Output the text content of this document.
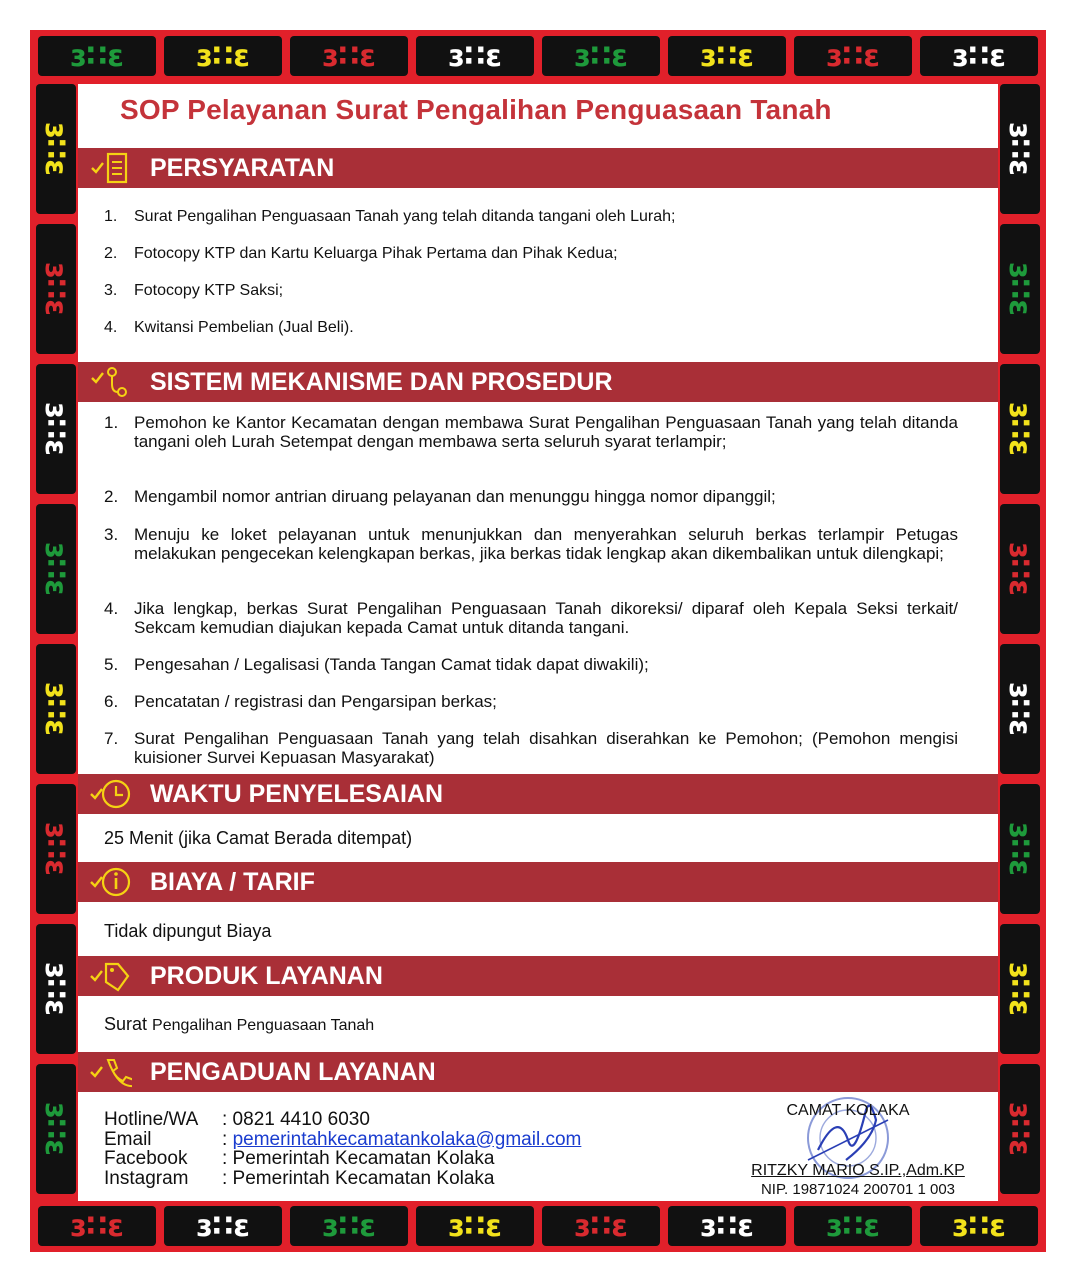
ɜ∷ɛ
ɜ∷ɛ
ɜ∷ɛ
ɜ∷ɛ
ɜ∷ɛ
ɜ∷ɛ
ɜ∷ɛ
ɜ∷ɛ
ɜ∷ɛ
ɜ∷ɛ
ɜ∷ɛ
ɜ∷ɛ
ɜ∷ɛ
ɜ∷ɛ
ɜ∷ɛ
ɜ∷ɛ
ɜ∷ɛ	ɜ∷ɛ
ɜ∷ɛ	ɜ∷ɛ
ɜ∷ɛ	ɜ∷ɛ
ɜ∷ɛ	ɜ∷ɛ
ɜ∷ɛ	ɜ∷ɛ
ɜ∷ɛ	ɜ∷ɛ
ɜ∷ɛ	ɜ∷ɛ
ɜ∷ɛ	ɜ∷ɛ
SOP Pelayanan Surat Pengalihan Penguasaan Tanah
PERSYARATAN
1. Surat Pengalihan Penguasaan Tanah yang telah ditanda tangani oleh Lurah;
2. Fotocopy KTP dan Kartu Keluarga Pihak Pertama dan Pihak Kedua;
3. Fotocopy KTP Saksi;
4. Kwitansi Pembelian (Jual Beli).
SISTEM MEKANISME DAN PROSEDUR
1. Pemohon ke Kantor Kecamatan dengan membawa Surat Pengalihan Penguasaan Tanah yang telah ditanda tangani oleh Lurah Setempat dengan membawa serta seluruh syarat terlampir;
2. Mengambil nomor antrian diruang pelayanan dan menunggu hingga nomor dipanggil;
3. Menuju ke loket pelayanan untuk menunjukkan dan menyerahkan seluruh berkas terlampir Petugas melakukan pengecekan kelengkapan berkas, jika berkas tidak lengkap akan dikembalikan untuk dilengkapi;
4. Jika lengkap, berkas Surat Pengalihan Penguasaan Tanah dikoreksi/ diparaf oleh Kepala Seksi terkait/ Sekcam kemudian diajukan kepada Camat untuk ditanda tangani.
5. Pengesahan / Legalisasi (Tanda Tangan Camat tidak dapat diwakili);
6. Pencatatan / registrasi dan Pengarsipan berkas;
7. Surat Pengalihan Penguasaan Tanah yang telah disahkan diserahkan ke Pemohon; (Pemohon mengisi kuisioner Survei Kepuasan Masyarakat)
WAKTU PENYELESAIAN
25 Menit (jika Camat Berada ditempat)
BIAYA / TARIF
Tidak dipungut Biaya
PRODUK LAYANAN
Surat Pengalihan Penguasaan Tanah
PENGADUAN LAYANAN
Hotline/WA : 0821 4410 6030
Email	: pemerintahkecamatankolaka@gmail.com
Facebook : Pemerintah Kecamatan Kolaka
Instagram : Pemerintah Kecamatan Kolaka
CAMAT KOLAKA
RITZKY MARIO S.IP.,Adm.KP
NIP. 19871024 200701 1 003
